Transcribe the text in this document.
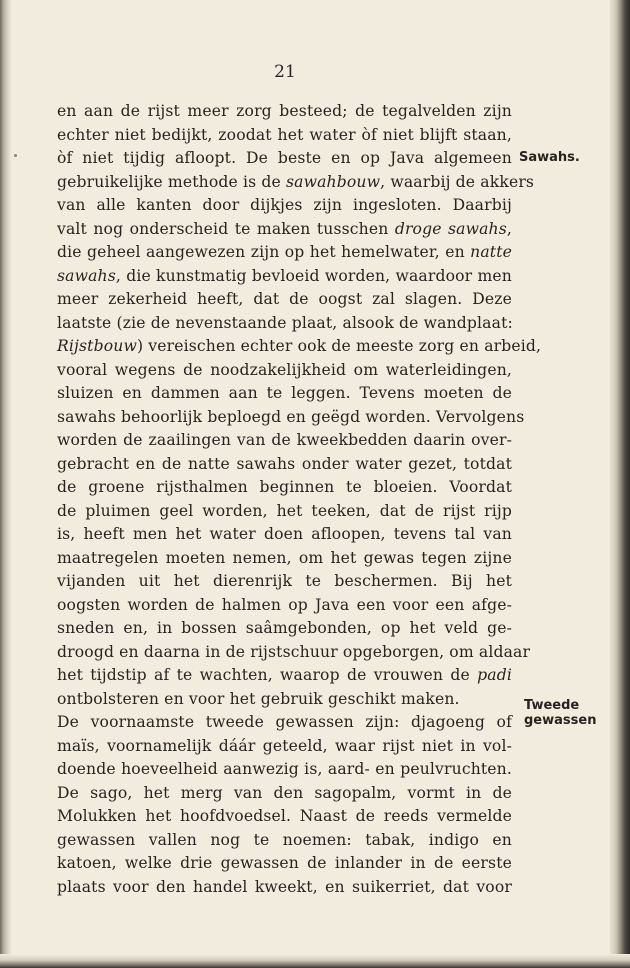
21
en aan de rijst meer zorg besteed; de tegalvelden zijn
echter niet bedijkt, zoodat het water òf niet blijft staan,
òf niet tijdig afloopt. De beste en op Java algemeen
gebruikelijke methode is de sawahbouw, waarbij de akkers
van alle kanten door dijkjes zijn ingesloten. Daarbij
valt nog onderscheid te maken tusschen droge sawahs,
die geheel aangewezen zijn op het hemelwater, en natte
sawahs, die kunstmatig bevloeid worden, waardoor men
meer zekerheid heeft, dat de oogst zal slagen. Deze
laatste (zie de nevenstaande plaat, alsook de wandplaat:
Rijstbouw) vereischen echter ook de meeste zorg en arbeid,
vooral wegens de noodzakelijkheid om waterleidingen,
sluizen en dammen aan te leggen. Tevens moeten de
sawahs behoorlijk beploegd en geëgd worden. Vervolgens
worden de zaailingen van de kweekbedden daarin over-
gebracht en de natte sawahs onder water gezet, totdat
de groene rijsthalmen beginnen te bloeien. Voordat
de pluimen geel worden, het teeken, dat de rijst rijp
is, heeft men het water doen afloopen, tevens tal van
maatregelen moeten nemen, om het gewas tegen zijne
vijanden uit het dierenrijk te beschermen. Bij het
oogsten worden de halmen op Java een voor een afge-
sneden en, in bossen saâmgebonden, op het veld ge-
droogd en daarna in de rijstschuur opgeborgen, om aldaar
het tijdstip af te wachten, waarop de vrouwen de padi
ontbolsteren en voor het gebruik geschikt maken.
De voornaamste tweede gewassen zijn: djagoeng of
maïs, voornamelijk dáár geteeld, waar rijst niet in vol-
doende hoeveelheid aanwezig is, aard- en peulvruchten.
De sago, het merg van den sagopalm, vormt in de
Molukken het hoofdvoedsel. Naast de reeds vermelde
gewassen vallen nog te noemen: tabak, indigo en
katoen, welke drie gewassen de inlander in de eerste
plaats voor den handel kweekt, en suikerriet, dat voor
Sawahs.
Tweede
gewassen
